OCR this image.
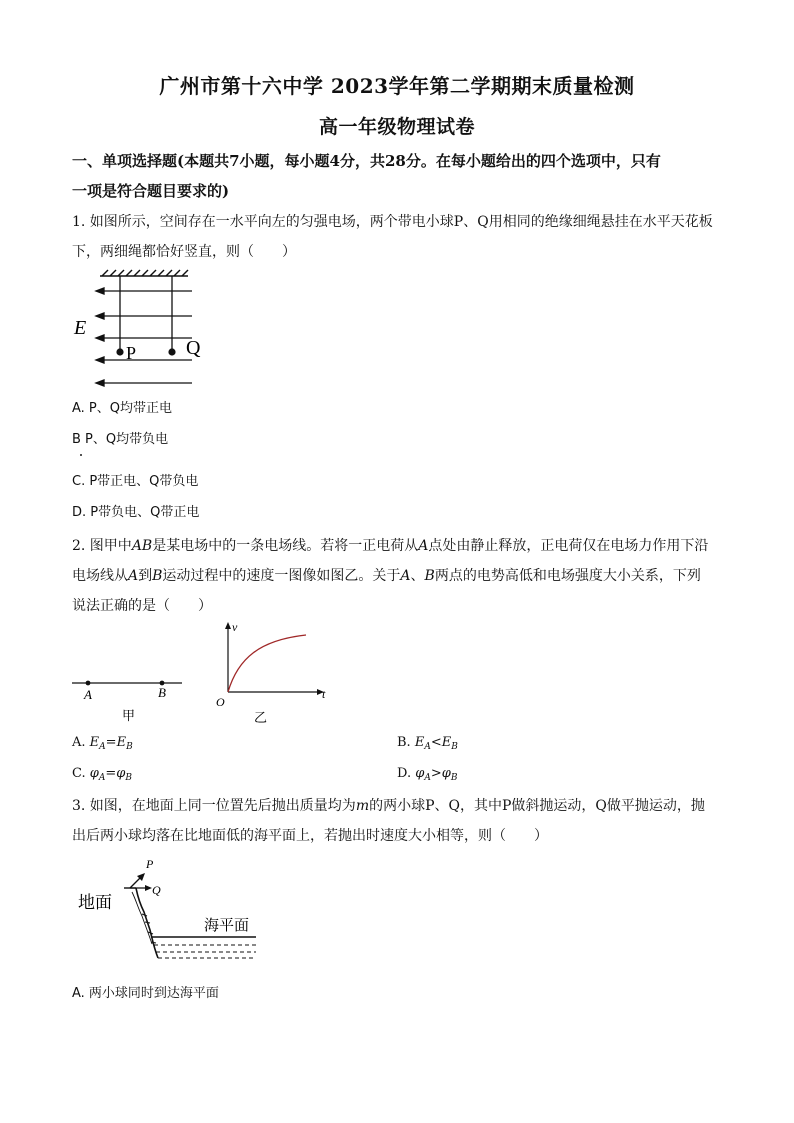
广州市第十六中学 2023学年第二学期期末质量检测
高一年级物理试卷
一、单项选择题(本题共7小题，每小题4分，共28分。在每小题给出的四个选项中，只有
一项是符合题目要求的)
1. 如图所示，空间存在一水平向左的匀强电场，两个带电小球P、Q用相同的绝缘细绳悬挂在水平天花板
下，两细绳都恰好竖直，则（　　）
E
P Q
A. P、Q均带正电
B P、Q均带负电
C. P带正电、Q带负电
D. P带负电、Q带正电
2. 图甲中AB是某电场中的一条电场线。若将一正电荷从A点处由静止释放，正电荷仅在电场力作用下沿
电场线从A到B运动过程中的速度一图像如图乙。关于A、B两点的电势高低和电场强度大小关系，下列
说法正确的是（　　）
A	B
甲
v
t
O
乙
A. $E_A=E_B$	B. $E_A<E_B$
C. $\varphi_A=\varphi_B$	D. $\varphi_A>\varphi_B$
3. 如图，在地面上同一位置先后抛出质量均为m的两小球P、Q，其中P做斜抛运动，Q做平抛运动，抛
出后两小球均落在比地面低的海平面上，若抛出时速度大小相等，则（　　）
地面
P
Q
海平面
A. 两小球同时到达海平面
